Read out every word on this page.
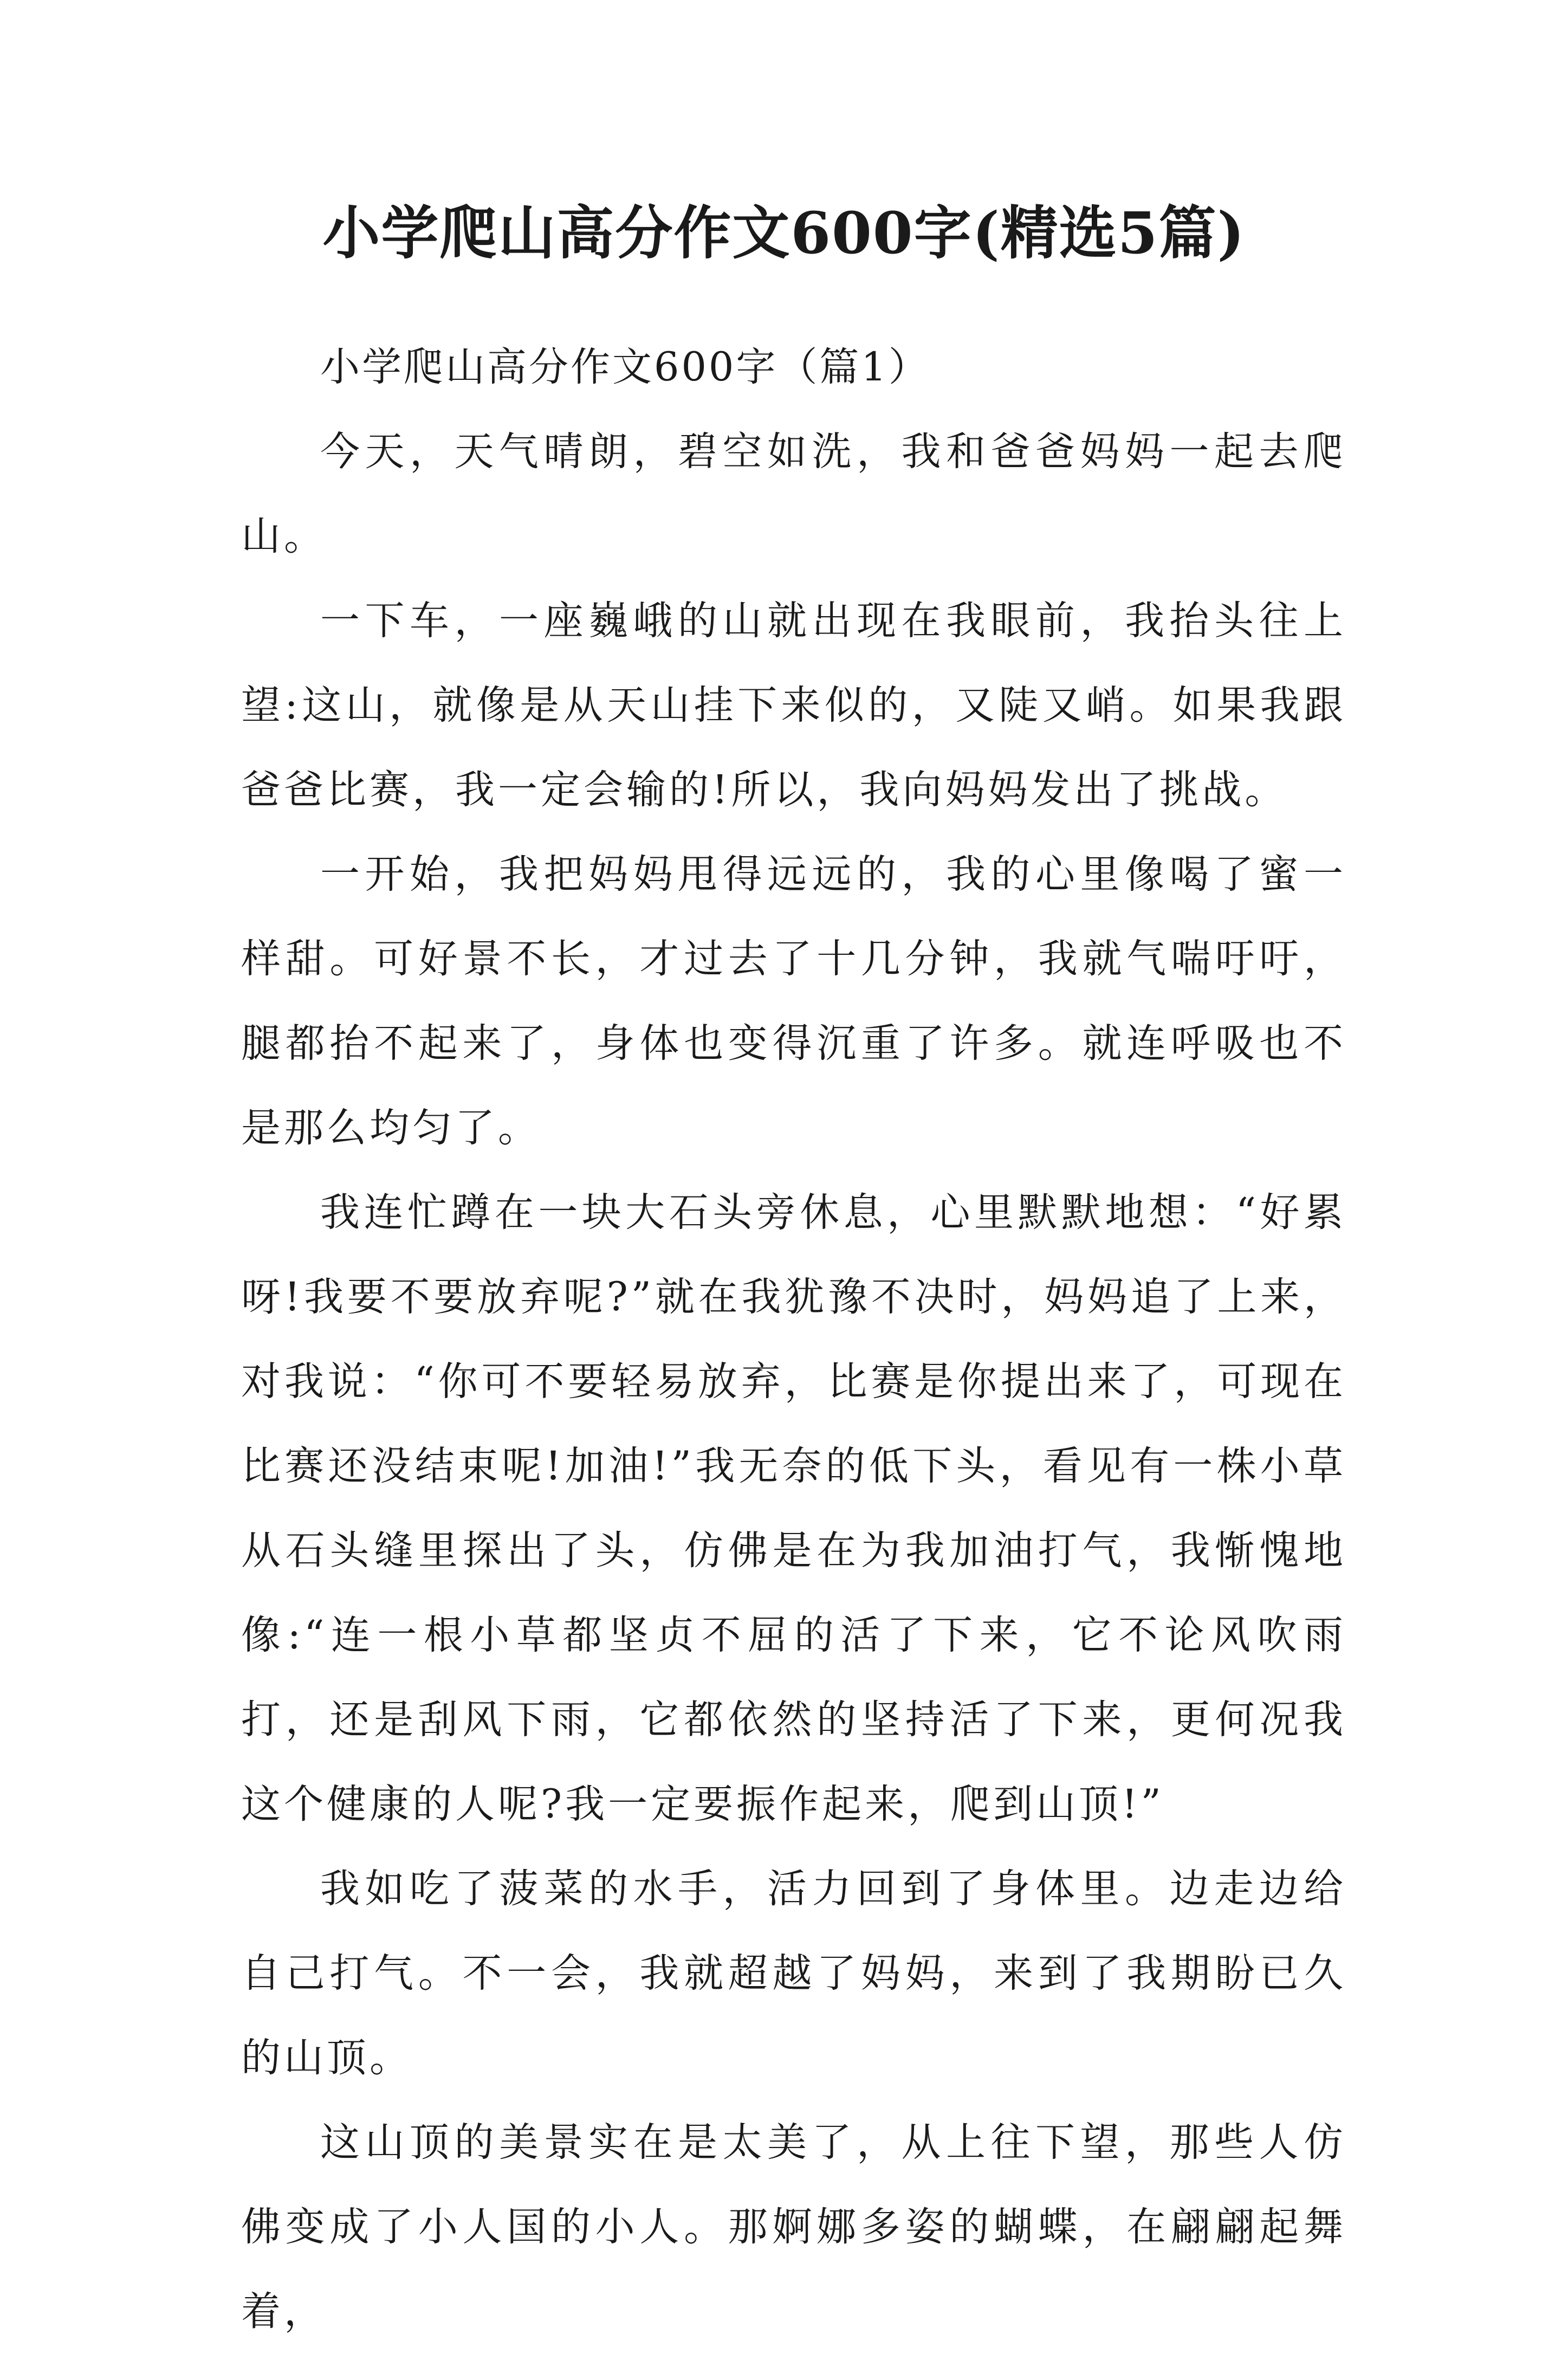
小学爬山高分作文600字(精选5篇)

小学爬山高分作文600字（篇1）

今天，天气晴朗，碧空如洗，我和爸爸妈妈一起去爬山。

一下车，一座巍峨的山就出现在我眼前，我抬头往上望:这山，就像是从天山挂下来似的，又陡又峭。如果我跟爸爸比赛，我一定会输的!所以，我向妈妈发出了挑战。

一开始，我把妈妈甩得远远的，我的心里像喝了蜜一样甜。可好景不长，才过去了十几分钟，我就气喘吁吁，腿都抬不起来了，身体也变得沉重了许多。就连呼吸也不是那么均匀了。

我连忙蹲在一块大石头旁休息，心里默默地想：“好累呀!我要不要放弃呢?”就在我犹豫不决时，妈妈追了上来，对我说：“你可不要轻易放弃，比赛是你提出来了，可现在比赛还没结束呢!加油!”我无奈的低下头，看见有一株小草从石头缝里探出了头，仿佛是在为我加油打气，我惭愧地像:“连一根小草都坚贞不屈的活了下来，它不论风吹雨打，还是刮风下雨，它都依然的坚持活了下来，更何况我这个健康的人呢?我一定要振作起来，爬到山顶!”

我如吃了菠菜的水手，活力回到了身体里。边走边给自己打气。不一会，我就超越了妈妈，来到了我期盼已久的山顶。

这山顶的美景实在是太美了，从上往下望，那些人仿佛变成了小人国的小人。那婀娜多姿的蝴蝶，在翩翩起舞着，
